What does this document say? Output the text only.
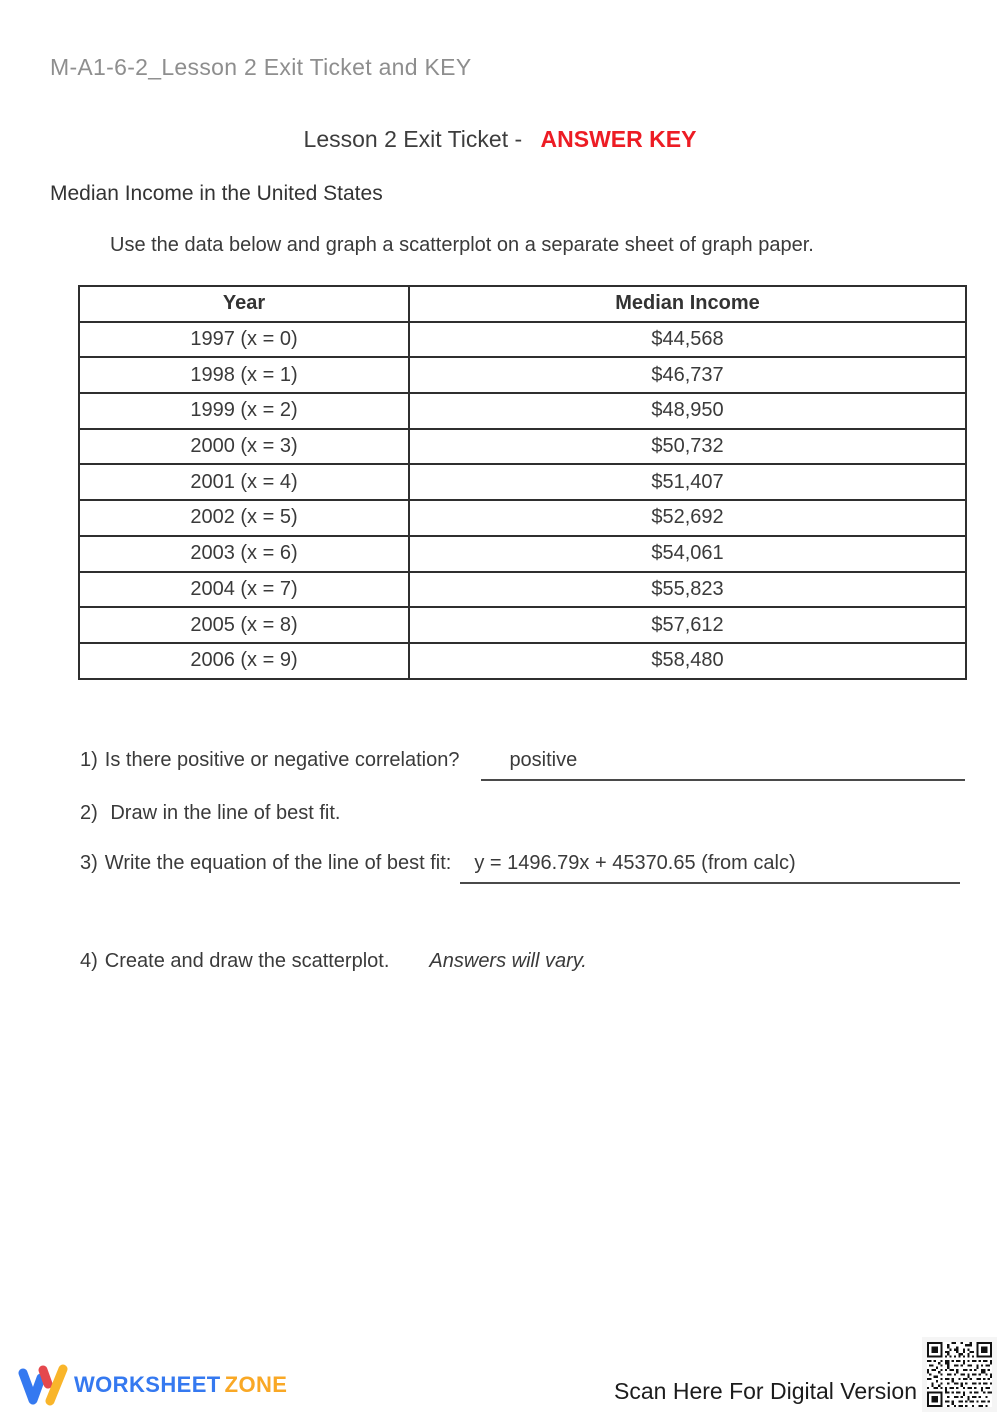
M-A1-6-2_Lesson 2 Exit Ticket and KEY
Lesson 2 Exit Ticket - ANSWER KEY
Median Income in the United States
Use the data below and graph a scatterplot on a separate sheet of graph paper.
Year	Median Income
1997 (x = 0)	$44,568
1998 (x = 1)	$46,737
1999 (x = 2)	$48,950
2000 (x = 3)	$50,732
2001 (x = 4)	$51,407
2002 (x = 5)	$52,692
2003 (x = 6)	$54,061
2004 (x = 7)	$55,823
2005 (x = 8)	$57,612
2006 (x = 9)	$58,480
1) Is there positive or negative correlation?	positive
2) Draw in the line of best fit.
3) Write the equation of the line of best fit:	y = 1496.79x + 45370.65 (from calc)
4) Create and draw the scatterplot. Answers will vary.
WORKSHEET ZONE	Scan Here For Digital Version
